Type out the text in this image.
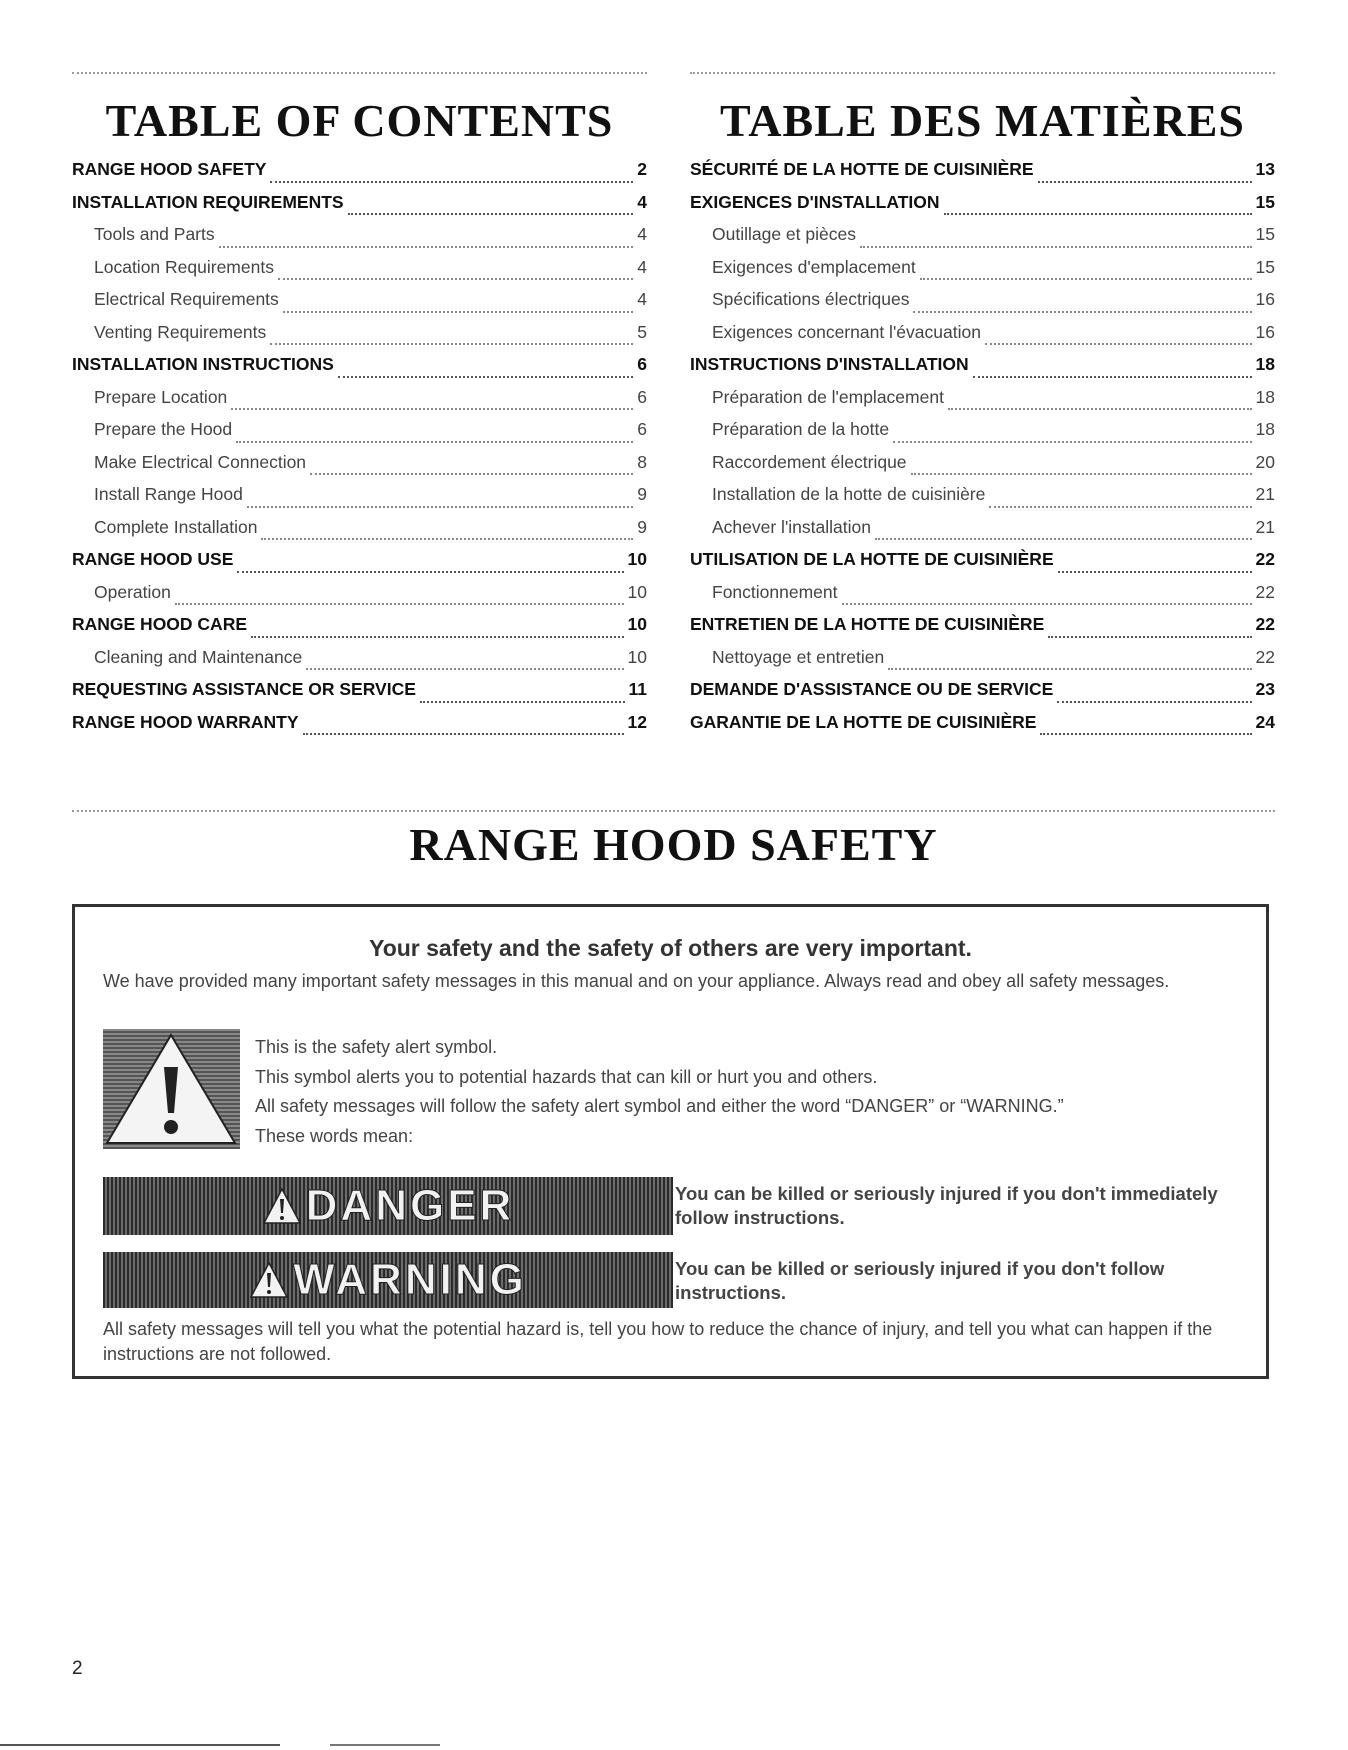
TABLE OF CONTENTS
RANGE HOOD SAFETY	2
INSTALLATION REQUIREMENTS	4
Tools and Parts	4
Location Requirements	4
Electrical Requirements	4
Venting Requirements	5
INSTALLATION INSTRUCTIONS	6
Prepare Location	6
Prepare the Hood	6
Make Electrical Connection	8
Install Range Hood	9
Complete Installation	9
RANGE HOOD USE	10
Operation	10
RANGE HOOD CARE	10
Cleaning and Maintenance	10
REQUESTING ASSISTANCE OR SERVICE	11
RANGE HOOD WARRANTY	12
TABLE DES MATIÈRES
SÉCURITÉ DE LA HOTTE DE CUISINIÈRE	13
EXIGENCES D'INSTALLATION	15
Outillage et pièces	15
Exigences d'emplacement	15
Spécifications électriques	16
Exigences concernant l'évacuation	16
INSTRUCTIONS D'INSTALLATION	18
Préparation de l'emplacement	18
Préparation de la hotte	18
Raccordement électrique	20
Installation de la hotte de cuisinière	21
Achever l'installation	21
UTILISATION DE LA HOTTE DE CUISINIÈRE	22
Fonctionnement	22
ENTRETIEN DE LA HOTTE DE CUISINIÈRE	22
Nettoyage et entretien	22
DEMANDE D'ASSISTANCE OU DE SERVICE	23
GARANTIE DE LA HOTTE DE CUISINIÈRE	24
RANGE HOOD SAFETY
Your safety and the safety of others are very important.
We have provided many important safety messages in this manual and on your appliance. Always read and obey all safety messages.
This is the safety alert symbol.
This symbol alerts you to potential hazards that can kill or hurt you and others.
All safety messages will follow the safety alert symbol and either the word “DANGER” or “WARNING.”
These words mean:
DANGER	You can be killed or seriously injured if you don't immediately follow instructions.
WARNING	You can be killed or seriously injured if you don't follow instructions.
All safety messages will tell you what the potential hazard is, tell you how to reduce the chance of injury, and tell you what can happen if the instructions are not followed.
2
